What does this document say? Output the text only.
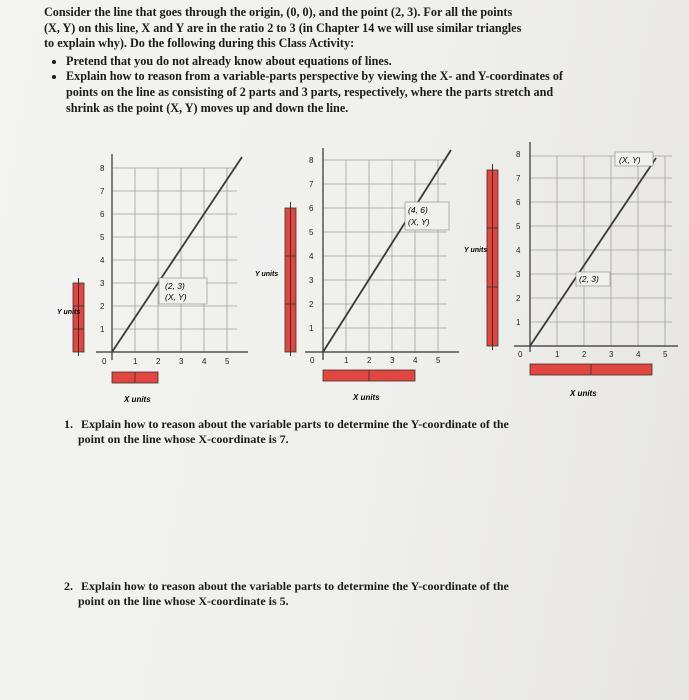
Consider the line that goes through the origin, (0, 0), and the point (2, 3). For all the points

(X, Y) on this line, X and Y are in the ratio 2 to 3 (in Chapter 14 we will use similar triangles

to explain why). Do the following during this Class Activity:

• Pretend that you do not already know about equations of lines.
• Explain how to reason from a variable-parts perspective by viewing the X- and Y-coordinates of points on the line as consisting of 2 parts and 3 parts, respectively, where the parts stretch and shrink as the point (X, Y) moves up and down the line.
1
2
3
4
5
6
7
8
0	1 2 3 4 5
(2, 3)
(X, Y)
Y units
X units
1
2
3
4
5
6
7
8
0	1 2 3 4 5
(4, 6)
(X, Y)
Y units
X units
1
2
3
4
5
6
7
8
0	1	2	3	4	5
(2, 3)
(X, Y)
Y units
X units
1. Explain how to reason about the variable parts to determine the Y-coordinate of the
point on the line whose X-coordinate is 7.
2. Explain how to reason about the variable parts to determine the Y-coordinate of the
point on the line whose X-coordinate is 5.
